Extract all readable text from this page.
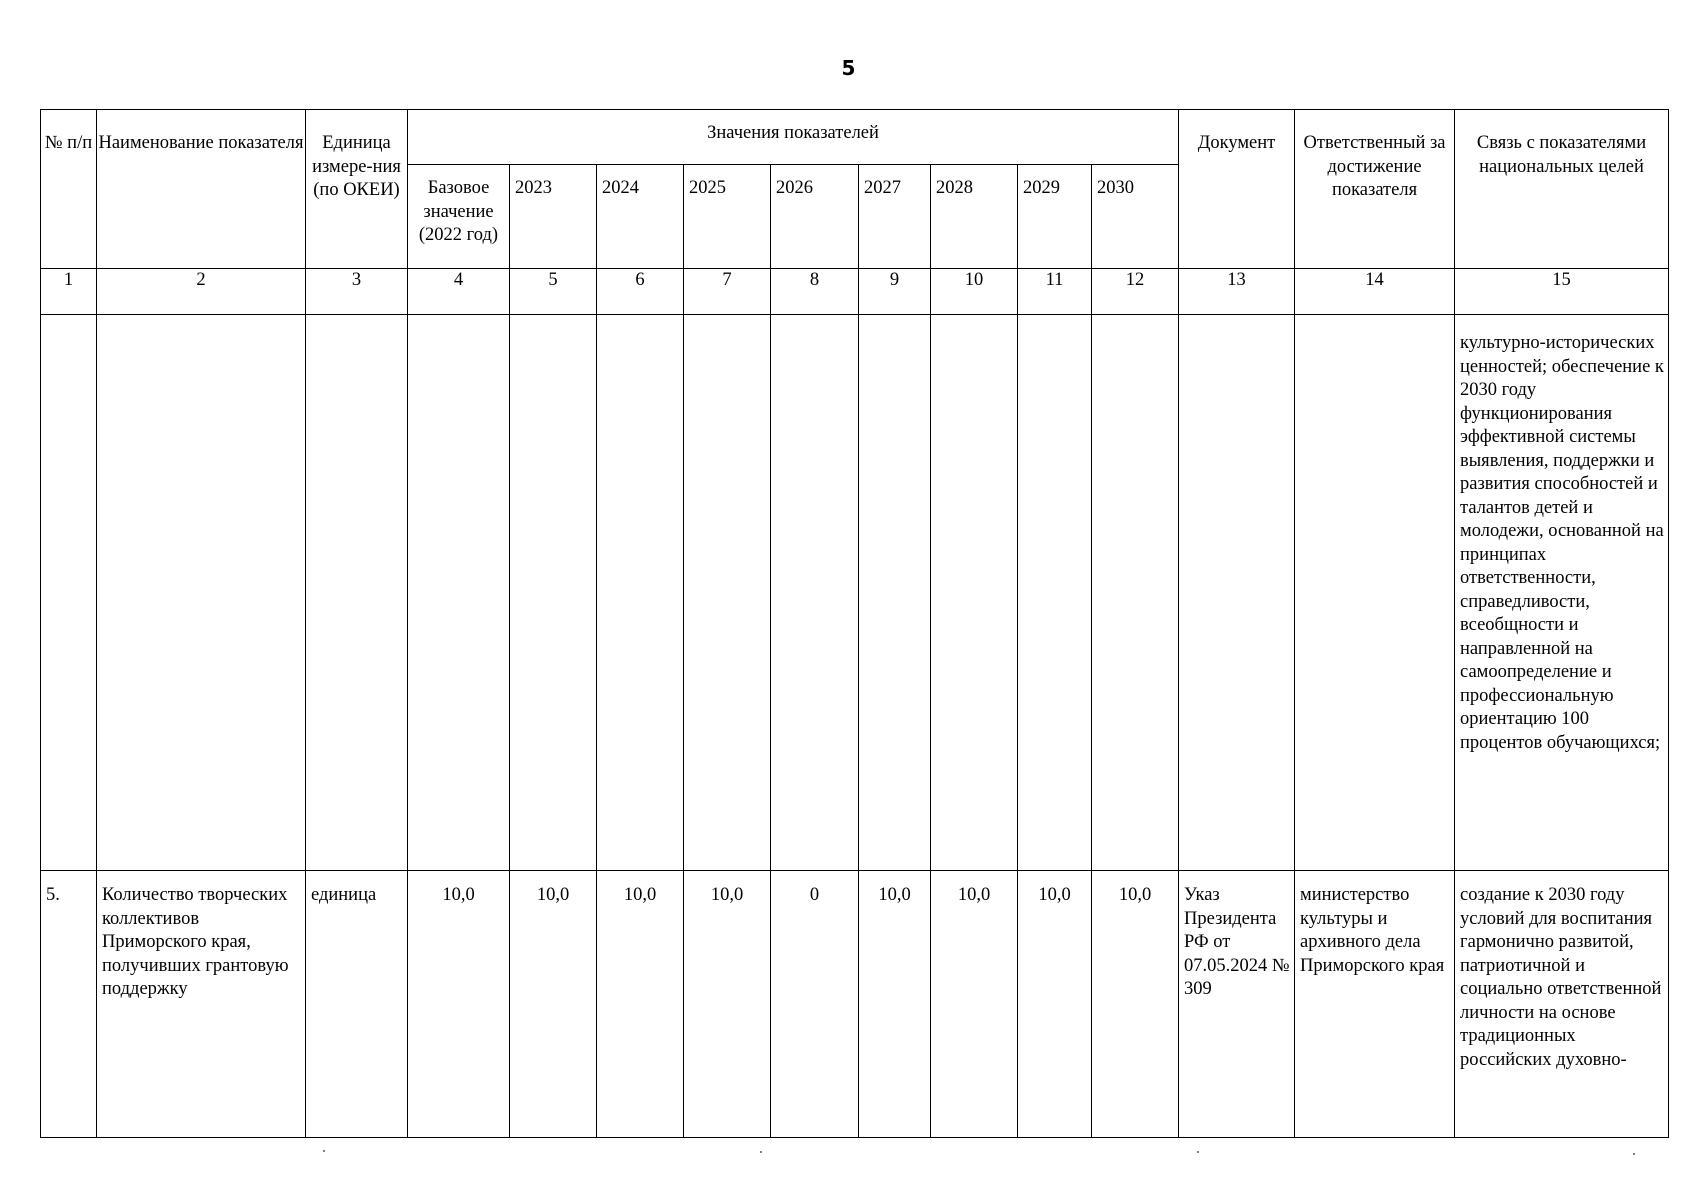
5
№ п/п	Наименование показателя	Единица измере-ния (по ОКЕИ)	Значения показателей									Документ	Ответственный за достижение показателя	Связь с показателями национальных целей
			Базовое значение (2022 год)	2023	2024	2025	2026	2027	2028	2029	2030			
1	2	3	4	5	6	7	8	9	10	11	12	13	14	15
														культурно-исторических ценностей; обеспечение к 2030 году функционирования эффективной системы выявления, поддержки и развития способностей и талантов детей и молодежи, основанной на принципах ответственности, справедливости, всеобщности и направленной на самоопределение и профессиональную ориентацию 100 процентов обучающихся;
5.	Количество творческих коллективов Приморского края, получивших грантовую поддержку	единица	10,0	10,0	10,0	10,0	0	10,0	10,0	10,0	10,0	Указ Президента РФ от 07.05.2024 № 309	министерство культуры и архивного дела Приморского края	создание к 2030 году условий для воспитания гармонично развитой, патриотичной и социально ответственной личности на основе традиционных российских духовно-
